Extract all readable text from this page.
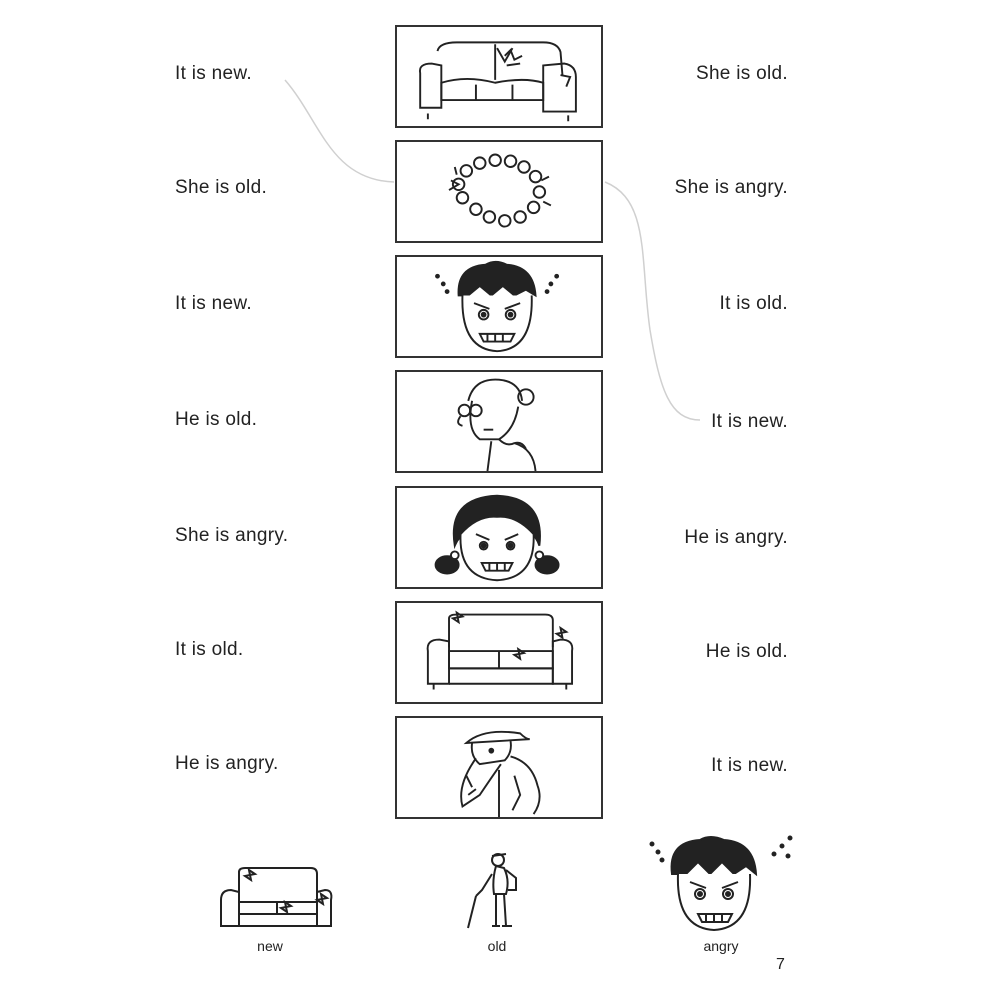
It is new.
She is old.
It is new.
He is old.
She is angry.
It is old.
He is angry.
She is old.
She is angry.
It is old.
It is new.
He is angry.
He is old.
It is new.
new	old	angry
7
